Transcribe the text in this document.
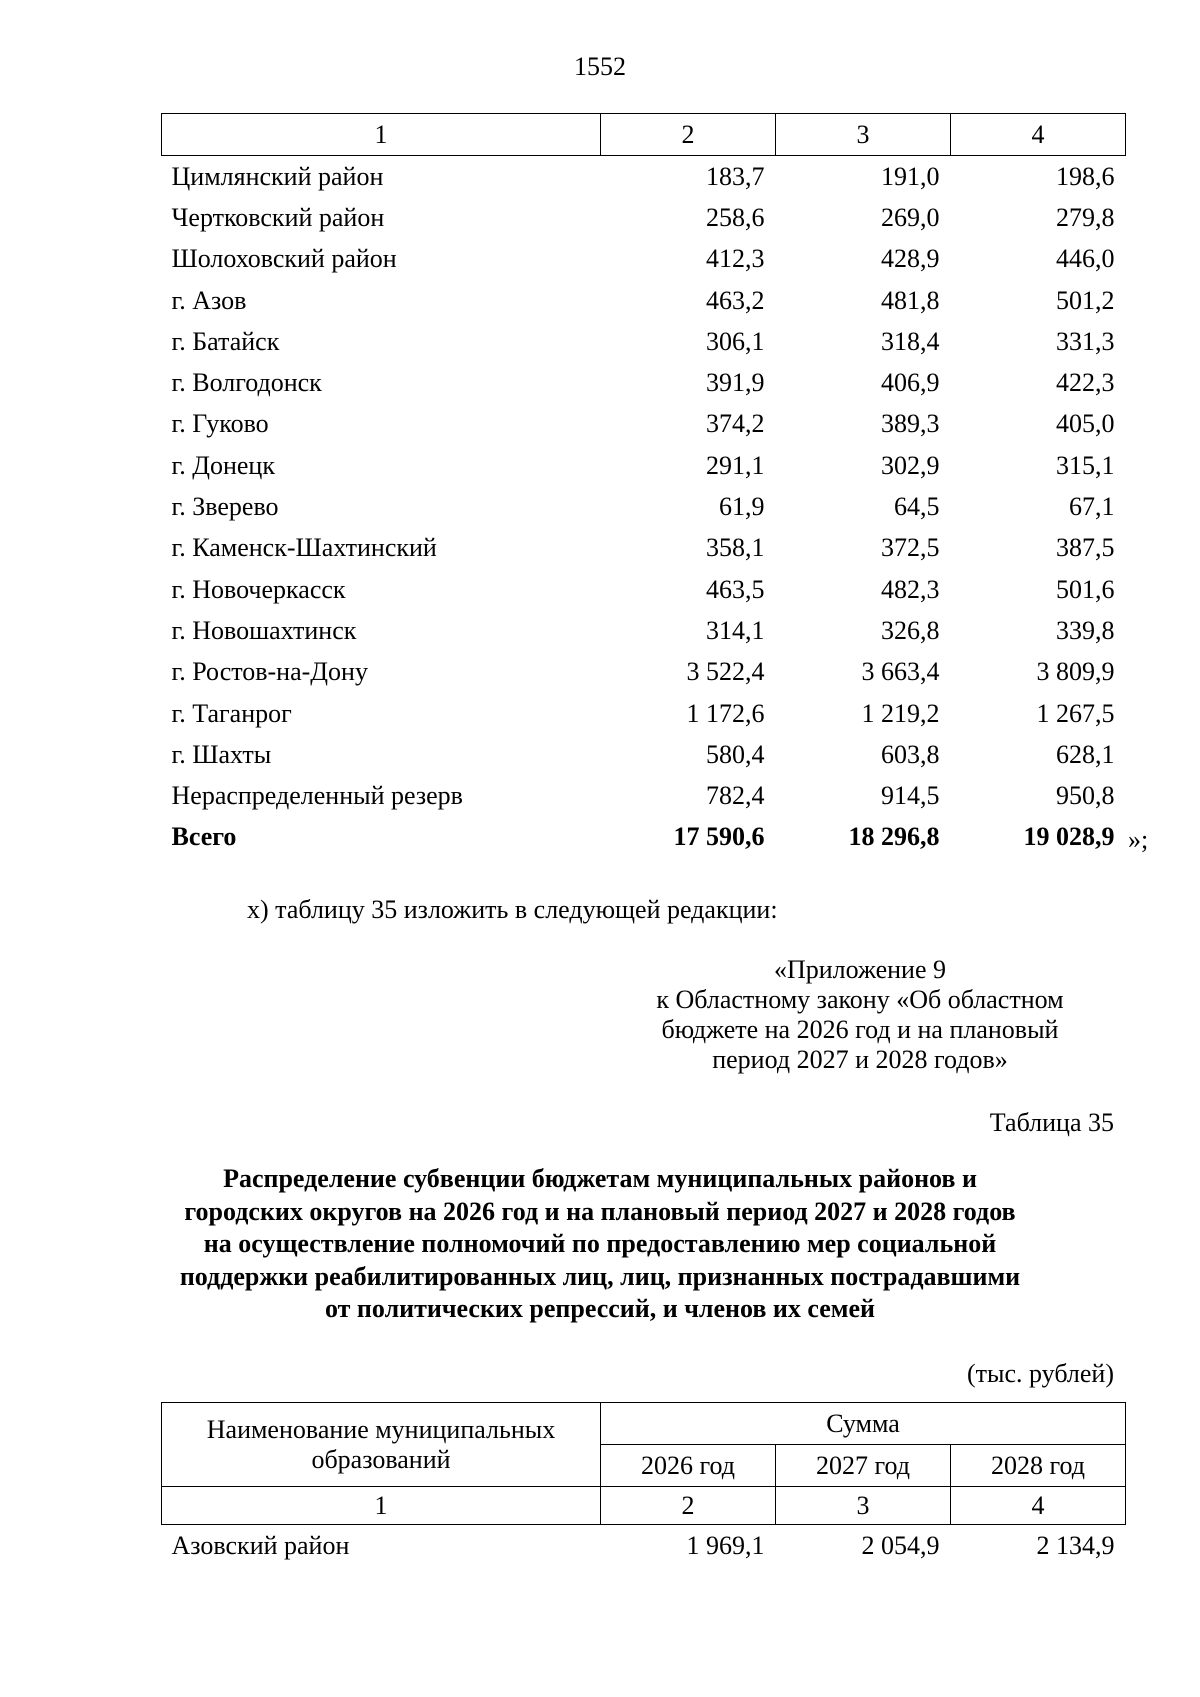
1552
1	2	3	4
Цимлянский район	183,7	191,0	198,6
Чертковский район	258,6	269,0	279,8
Шолоховский район	412,3	428,9	446,0
г. Азов	463,2	481,8	501,2
г. Батайск	306,1	318,4	331,3
г. Волгодонск	391,9	406,9	422,3
г. Гуково	374,2	389,3	405,0
г. Донецк	291,1	302,9	315,1
г. Зверево	61,9	64,5	67,1
г. Каменск-Шахтинский	358,1	372,5	387,5
г. Новочеркасск	463,5	482,3	501,6
г. Новошахтинск	314,1	326,8	339,8
г. Ростов-на-Дону	3 522,4	3 663,4	3 809,9
г. Таганрог	1 172,6	1 219,2	1 267,5
г. Шахты	580,4	603,8	628,1
Нераспределенный резерв	782,4	914,5	950,8
Всего	17 590,6	18 296,8	19 028,9 »;
х) таблицу 35 изложить в следующей редакции:
«Приложение 9
к Областному закону «Об областном
бюджете на 2026 год и на плановый
период 2027 и 2028 годов»
Таблица 35
Распределение субвенции бюджетам муниципальных районов и
городских округов на 2026 год и на плановый период 2027 и 2028 годов
на осуществление полномочий по предоставлению мер социальной
поддержки реабилитированных лиц, лиц, признанных пострадавшими
от политических репрессий, и членов их семей
(тыс. рублей)
Наименование муниципальных
образований	Сумма		
	2026 год	2027 год	2028 год
1	2	3	4
Азовский район	1 969,1	2 054,9	2 134,9
